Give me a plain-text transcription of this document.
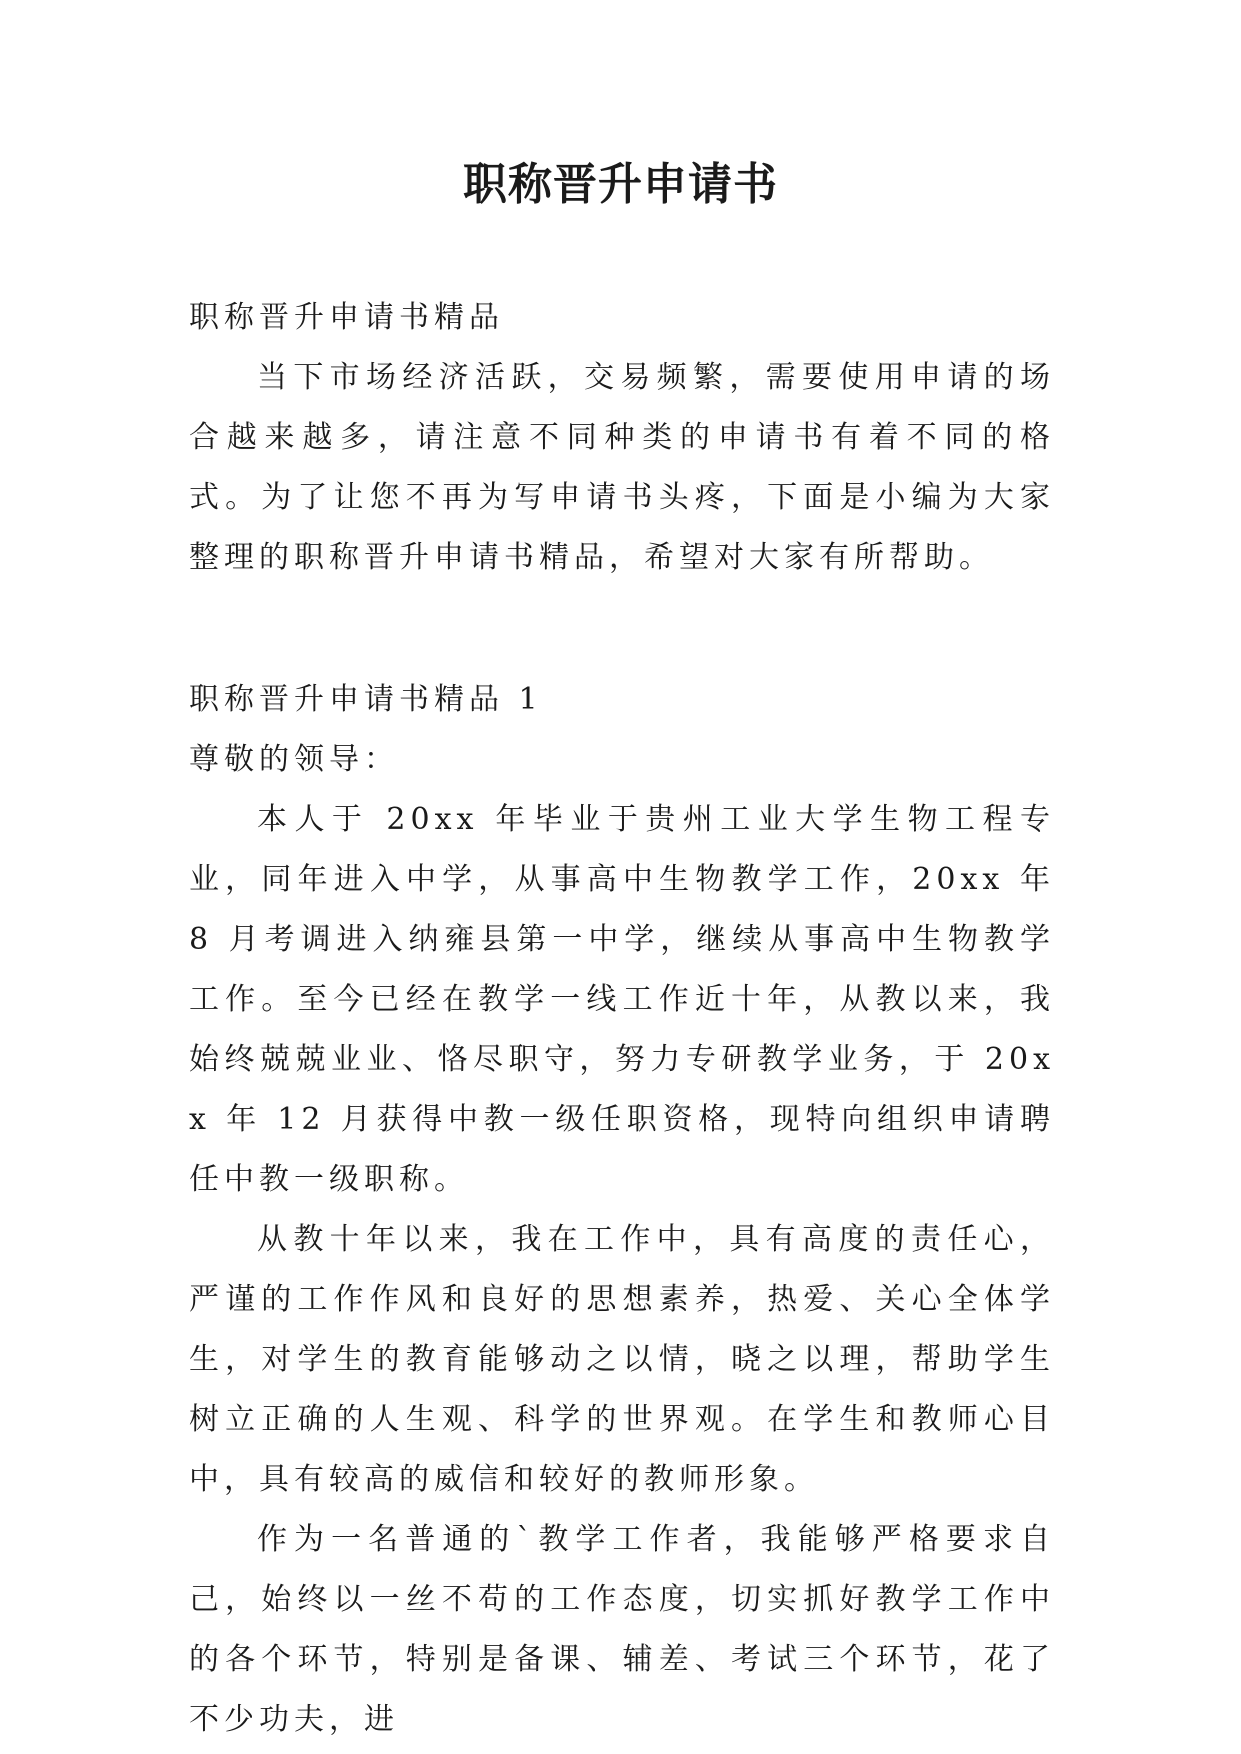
职称晋升申请书

职称晋升申请书精品

当下市场经济活跃，交易频繁，需要使用申请的场合越来越多，请注意不同种类的申请书有着不同的格式。为了让您不再为写申请书头疼，下面是小编为大家整理的职称晋升申请书精品，希望对大家有所帮助。

职称晋升申请书精品 1

尊敬的领导：

本人于 20xx 年毕业于贵州工业大学生物工程专业，同年进入中学，从事高中生物教学工作，20xx 年 8 月考调进入纳雍县第一中学，继续从事高中生物教学工作。至今已经在教学一线工作近十年，从教以来，我始终兢兢业业、恪尽职守，努力专研教学业务，于 20xx 年 12 月获得中教一级任职资格，现特向组织申请聘任中教一级职称。

从教十年以来，我在工作中，具有高度的责任心，严谨的工作作风和良好的思想素养，热爱、关心全体学生，对学生的教育能够动之以情，晓之以理，帮助学生树立正确的人生观、科学的世界观。在学生和教师心目中，具有较高的威信和较好的教师形象。

作为一名普通的`教学工作者，我能够严格要求自己，始终以一丝不苟的工作态度，切实抓好教学工作中的各个环节，特别是备课、辅差、考试三个环节，花了不少功夫，进
